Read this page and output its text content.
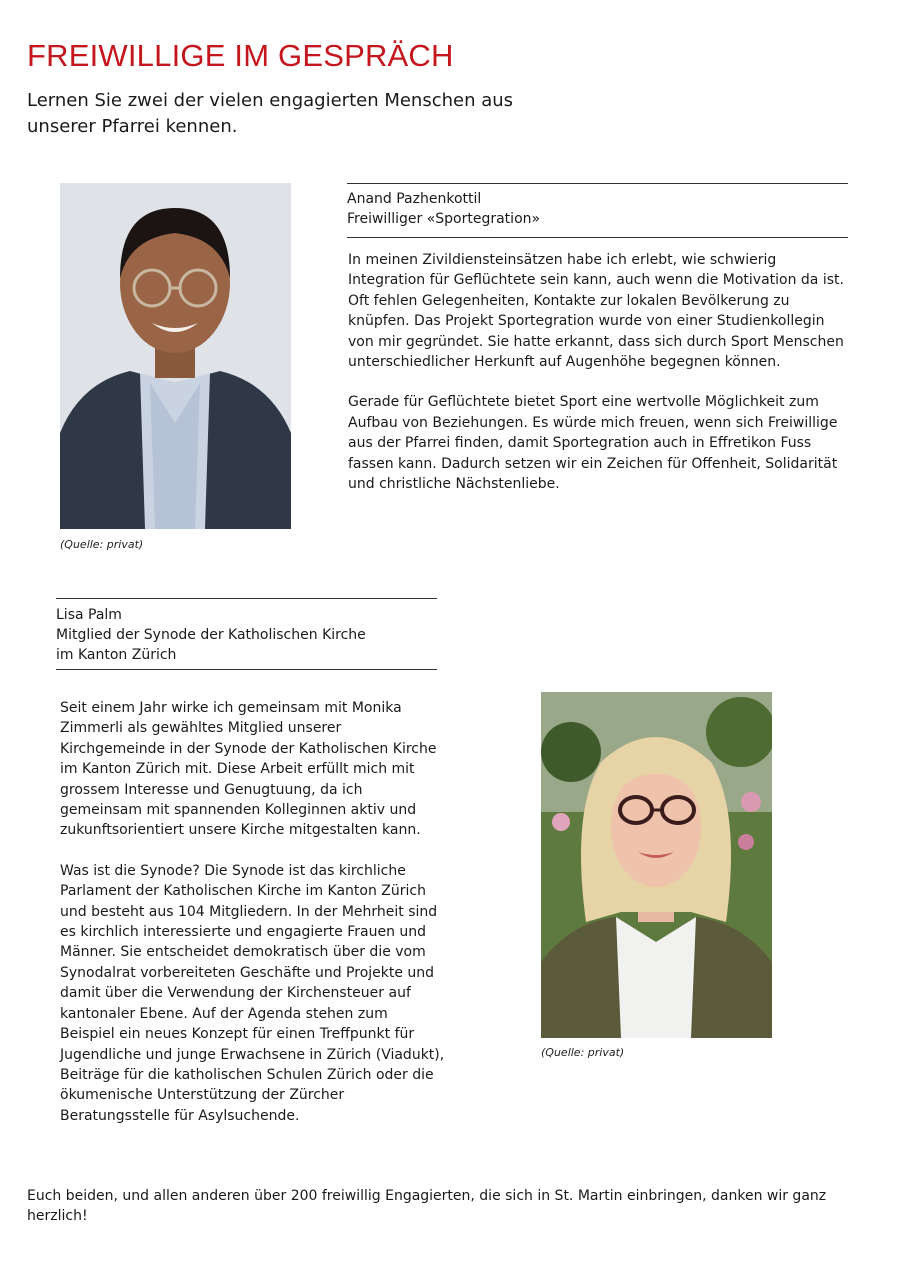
FREIWILLIGE IM GESPRÄCH

Lernen Sie zwei der vielen engagierten Menschen aus unserer Pfarrei kennen.

(Quelle: privat)

Anand Pazhenkottil

Freiwilliger «Sportegration»

In meinen Zivildiensteinsätzen habe ich erlebt, wie schwierig Integration für Geflüchtete sein kann, auch wenn die Motivation da ist. Oft fehlen Gelegenheiten, Kontakte zur lokalen Bevölkerung zu knüpfen. Das Projekt Sportegration wurde von einer Studienkollegin von mir gegründet. Sie hatte erkannt, dass sich durch Sport Menschen unterschiedlicher Herkunft auf Augenhöhe begegnen können.

Gerade für Geflüchtete bietet Sport eine wertvolle Möglichkeit zum Aufbau von Beziehungen. Es würde mich freuen, wenn sich Freiwillige aus der Pfarrei finden, damit Sportegration auch in Effretikon Fuss fassen kann. Dadurch setzen wir ein Zeichen für Offenheit, Solidarität und christliche Nächstenliebe.

Lisa Palm

Mitglied der Synode der Katholischen Kirche

im Kanton Zürich

Seit einem Jahr wirke ich gemeinsam mit Monika Zimmerli als gewähltes Mitglied unserer Kirchgemeinde in der Synode der Katholischen Kirche im Kanton Zürich mit. Diese Arbeit erfüllt mich mit grossem Interesse und Genugtuung, da ich gemeinsam mit spannenden Kolleginnen aktiv und zukunftsorientiert unsere Kirche mitgestalten kann.

Was ist die Synode? Die Synode ist das kirchliche Parlament der Katholischen Kirche im Kanton Zürich und besteht aus 104 Mitgliedern. In der Mehrheit sind es kirchlich interessierte und engagierte Frauen und Männer. Sie entscheidet demokratisch über die vom Synodalrat vorbereiteten Geschäfte und Projekte und damit über die Verwendung der Kirchensteuer auf kantonaler Ebene. Auf der Agenda stehen zum Beispiel ein neues Konzept für einen Treffpunkt für Jugendliche und junge Erwachsene in Zürich (Viadukt), Beiträge für die katholischen Schulen Zürich oder die ökumenische Unterstützung der Zürcher Beratungsstelle für Asylsuchende.

(Quelle: privat)

Euch beiden, und allen anderen über 200 freiwillig Engagierten, die sich in St. Martin einbringen, danken wir ganz herzlich!
